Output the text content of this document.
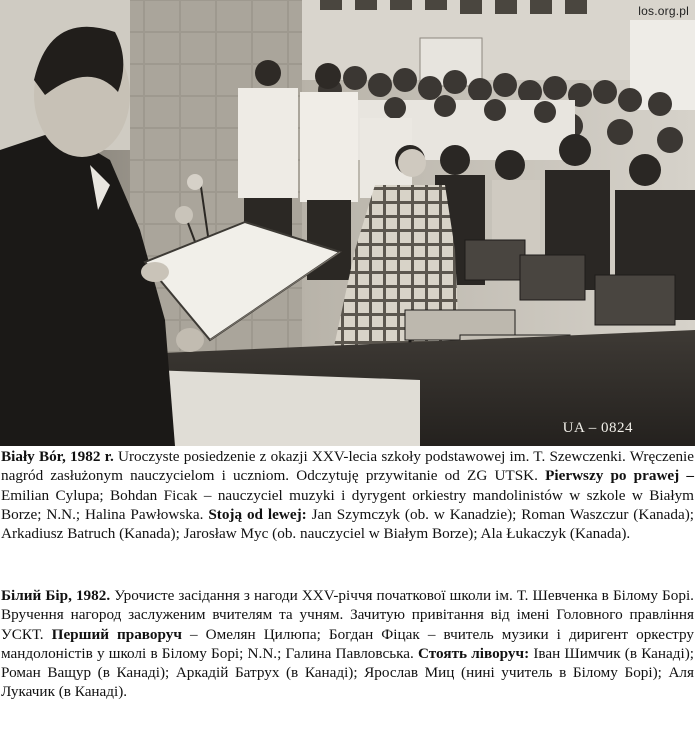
los.org.pl
UA – 0824

Biały Bór, 1982 r. Uroczyste posiedzenie z okazji XXV-lecia szkoły podstawowej im. T. Szewczenki. Wręczenie nagród zasłużonym nauczycielom i uczniom. Odczytuję przywitanie od ZG UTSK. Pierwszy po prawej – Emilian Cylupa; Bohdan Ficak – nauczyciel muzyki i dyrygent orkiestry mandolinistów w szkole w Białym Borze; N.N.; Halina Pawłowska. Stoją od lewej: Jan Szymczyk (ob. w Kanadzie); Roman Waszczur (Kanada); Arkadiusz Batruch (Kanada); Jarosław Myc (ob. nauczyciel w Białym Borze); Ala Łukaczyk (Kanada).

Білий Бір, 1982. Урочисте засідання з нагоди XXV-річчя початкової школи ім. Т. Шевченка в Білому Борі. Вручення нагород заслуженим вчителям та учням. Зачитую привітання від імені Головного правління УСКТ. Перший праворуч – Омелян Цилюпа; Богдан Фіцак – вчитель музики і диригент оркестру мандолоністів у школі в Білому Борі; N.N.; Галина Павловська. Стоять ліворуч: Іван Шимчик (в Канаді); Роман Ващур (в Канаді); Аркадій Батрух (в Канаді); Ярослав Миц (нині учитель в Білому Борі); Аля Лукачик (в Канаді).
